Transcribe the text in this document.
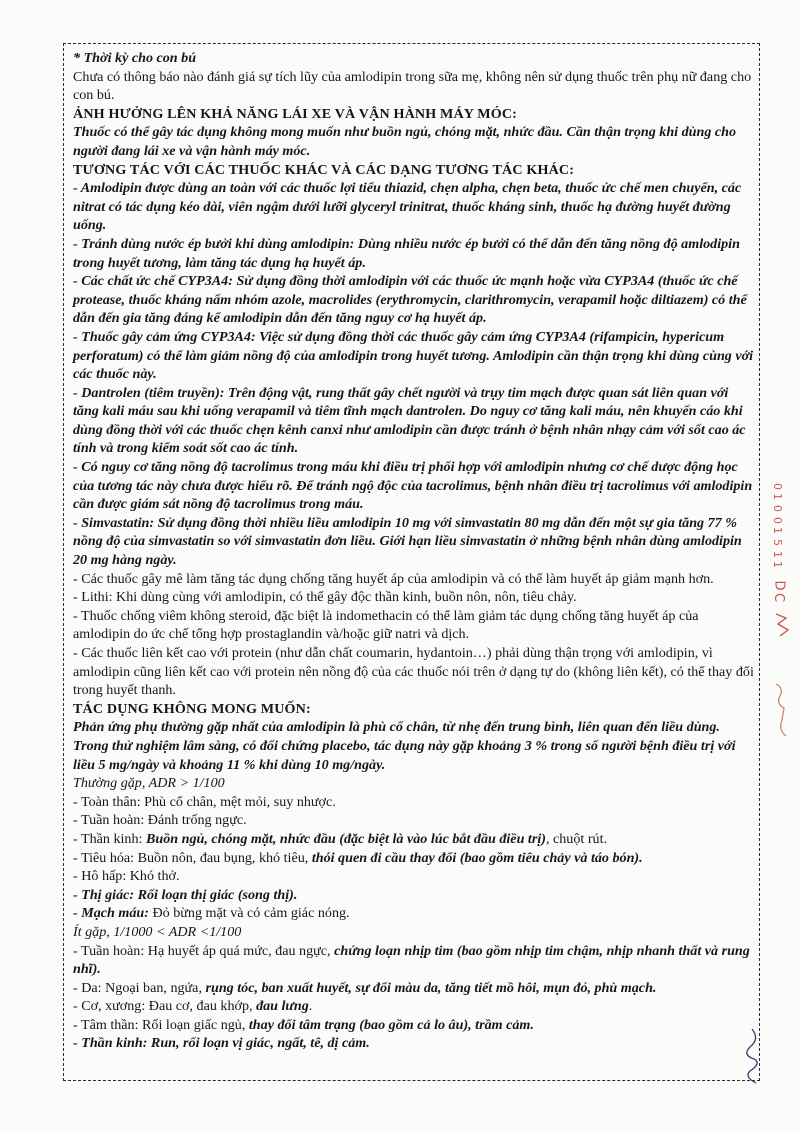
* Thời kỳ cho con bú

Chưa có thông báo nào đánh giá sự tích lũy của amlodipin trong sữa mẹ, không nên sử dụng thuốc trên phụ nữ đang cho con bú.

ẢNH HƯỞNG LÊN KHẢ NĂNG LÁI XE VÀ VẬN HÀNH MÁY MÓC:

Thuốc có thể gây tác dụng không mong muốn như buồn ngủ, chóng mặt, nhức đầu. Cần thận trọng khi dùng cho người đang lái xe và vận hành máy móc.

TƯƠNG TÁC VỚI CÁC THUỐC KHÁC VÀ CÁC DẠNG TƯƠNG TÁC KHÁC:

- Amlodipin được dùng an toàn với các thuốc lợi tiểu thiazid, chẹn alpha, chẹn beta, thuốc ức chế men chuyển, các nitrat có tác dụng kéo dài, viên ngậm dưới lưỡi glyceryl trinitrat, thuốc kháng sinh, thuốc hạ đường huyết đường uống.

- Tránh dùng nước ép bưởi khi dùng amlodipin: Dùng nhiều nước ép bưởi có thể dẫn đến tăng nồng độ amlodipin trong huyết tương, làm tăng tác dụng hạ huyết áp.

- Các chất ức chế CYP3A4: Sử dụng đồng thời amlodipin với các thuốc ức mạnh hoặc vừa CYP3A4 (thuốc ức chế protease, thuốc kháng nấm nhóm azole, macrolides (erythromycin, clarithromycin, verapamil hoặc diltiazem) có thể dẫn đến gia tăng đáng kể amlodipin dẫn đến tăng nguy cơ hạ huyết áp.

- Thuốc gây cảm ứng CYP3A4: Việc sử dụng đồng thời các thuốc gây cảm ứng CYP3A4 (rifampicin, hypericum perforatum) có thể làm giảm nồng độ của amlodipin trong huyết tương. Amlodipin cần thận trọng khi dùng cùng với các thuốc này.

- Dantrolen (tiêm truyền): Trên động vật, rung thất gây chết người và trụy tim mạch được quan sát liên quan với tăng kali máu sau khi uống verapamil và tiêm tĩnh mạch dantrolen. Do nguy cơ tăng kali máu, nên khuyến cáo khi dùng đồng thời với các thuốc chẹn kênh canxi như amlodipin cần được tránh ở bệnh nhân nhạy cảm với sốt cao ác tính và trong kiểm soát sốt cao ác tính.

- Có nguy cơ tăng nồng độ tacrolimus trong máu khi điều trị phối hợp với amlodipin nhưng cơ chế dược động học của tương tác này chưa được hiểu rõ. Để tránh ngộ độc của tacrolimus, bệnh nhân điều trị tacrolimus với amlodipin cần được giám sát nồng độ tacrolimus trong máu.

- Simvastatin: Sử dụng đồng thời nhiều liều amlodipin 10 mg với simvastatin 80 mg dẫn đến một sự gia tăng 77 % nồng độ của simvastatin so với simvastatin đơn liều. Giới hạn liều simvastatin ở những bệnh nhân dùng amlodipin 20 mg hàng ngày.

- Các thuốc gây mê làm tăng tác dụng chống tăng huyết áp của amlodipin và có thể làm huyết áp giảm mạnh hơn.

- Lithi: Khi dùng cùng với amlodipin, có thể gây độc thần kinh, buồn nôn, nôn, tiêu chảy.

- Thuốc chống viêm không steroid, đặc biệt là indomethacin có thể làm giảm tác dụng chống tăng huyết áp của amlodipin do ức chế tổng hợp prostaglandin và/hoặc giữ natri và dịch.

- Các thuốc liên kết cao với protein (như dẫn chất coumarin, hydantoin…) phải dùng thận trọng với amlodipin, vì amlodipin cũng liên kết cao với protein nên nồng độ của các thuốc nói trên ở dạng tự do (không liên kết), có thể thay đổi trong huyết thanh.

TÁC DỤNG KHÔNG MONG MUỐN:

Phản ứng phụ thường gặp nhất của amlodipin là phù cổ chân, từ nhẹ đến trung bình, liên quan đến liều dùng. Trong thử nghiệm lâm sàng, có đối chứng placebo, tác dụng này gặp khoảng 3 % trong số người bệnh điều trị với liều 5 mg/ngày và khoảng 11 % khi dùng 10 mg/ngày.

Thường gặp, ADR > 1/100

- Toàn thân: Phù cổ chân, mệt mỏi, suy nhược.

- Tuần hoàn: Đánh trống ngực.

- Thần kinh: Buồn ngủ, chóng mặt, nhức đầu (đặc biệt là vào lúc bắt đầu điều trị), chuột rút.

- Tiêu hóa: Buồn nôn, đau bụng, khó tiêu, thói quen đi cầu thay đổi (bao gồm tiêu chảy và táo bón).

- Hô hấp: Khó thở.

- Thị giác: Rối loạn thị giác (song thị).

- Mạch máu: Đỏ bừng mặt và có cảm giác nóng.

Ít gặp, 1/1000 < ADR <1/100

- Tuần hoàn: Hạ huyết áp quá mức, đau ngực, chứng loạn nhịp tim (bao gồm nhịp tim chậm, nhịp nhanh thất và rung nhĩ).

- Da: Ngoại ban, ngứa, rụng tóc, ban xuất huyết, sự đổi màu da, tăng tiết mồ hôi, mụn đỏ, phù mạch.

- Cơ, xương: Đau cơ, đau khớp, đau lưng.

- Tâm thần: Rối loạn giấc ngủ, thay đổi tâm trạng (bao gồm cả lo âu), trầm cảm.

- Thần kinh: Run, rối loạn vị giác, ngất, tê, dị cảm.

0
1
0
0
1
5
1
1
D
C
